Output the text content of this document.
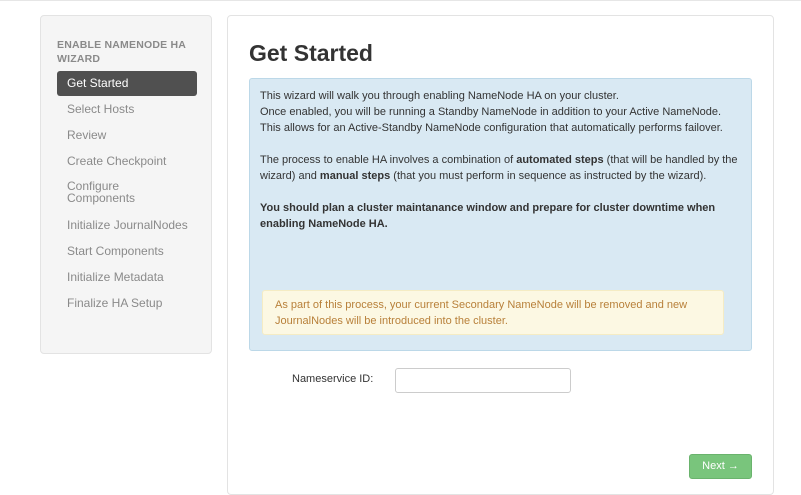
ENABLE NAMENODE HA WIZARD
Get Started
Select Hosts
Review
Create Checkpoint
Configure
Components
Initialize JournalNodes
Start Components
Initialize Metadata
Finalize HA Setup
Get Started

This wizard will walk you through enabling NameNode HA on your cluster.

Once enabled, you will be running a Standby NameNode in addition to your Active NameNode.

This allows for an Active-Standby NameNode configuration that automatically performs failover.

The process to enable HA involves a combination of automated steps (that will be handled by the wizard) and manual steps (that you must perform in sequence as instructed by the wizard).

You should plan a cluster maintanance window and prepare for cluster downtime when enabling NameNode HA.

As part of this process, your current Secondary NameNode will be removed and new JournalNodes will be introduced into the cluster.
Nameservice ID:
Next →
